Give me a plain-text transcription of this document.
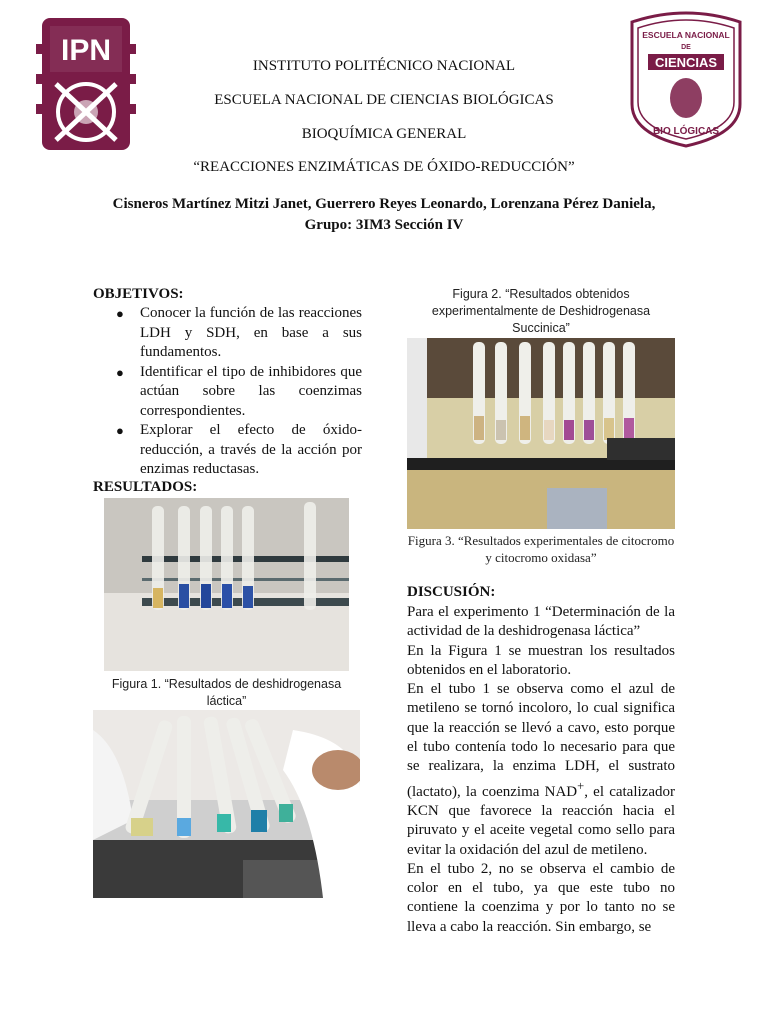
IPN	ESCUELA NACIONAL
DE
CIENCIAS
BIO LÓGICAS
INSTITUTO POLITÉCNICO NACIONAL
ESCUELA NACIONAL DE CIENCIAS BIOLÓGICAS
BIOQUÍMICA GENERAL
“REACCIONES ENZIMÁTICAS DE ÓXIDO-REDUCCIÓN”
Cisneros Martínez Mitzi Janet, Guerrero Reyes Leonardo, Lorenzana Pérez Daniela,
Grupo: 3IM3 Sección IV
OBJETIVOS:
●	Conocer la función de las reacciones LDH y SDH, en base a sus fundamentos.
●	Identificar el tipo de inhibidores que actúan sobre las coenzimas correspondientes.
●	Explorar el efecto de óxido-reducción, a través de la acción por enzimas reductasas.
RESULTADOS:
Figura 1. “Resultados de deshidrogenasa láctica”
Figura 2. “Resultados obtenidos experimentalmente de Deshidrogenasa Succinica”
Figura 3. “Resultados experimentales de citocromo y citocromo oxidasa”
DISCUSIÓN:

Para el experimento 1 “Determinación de la actividad de la deshidrogenasa láctica”

En la Figura 1 se muestran los resultados obtenidos en el laboratorio.

En el tubo 1 se observa como el azul de metileno se tornó incoloro, lo cual significa que la reacción se llevó a cavo, esto porque el tubo contenía todo lo necesario para que se realizara, la enzima LDH, el sustrato (lactato), la coenzima NAD+, el catalizador KCN que favorece la reacción hacia el piruvato y el aceite vegetal como sello para evitar la oxidación del azul de metileno.

En el tubo 2, no se observa el cambio de color en el tubo, ya que este tubo no contiene la coenzima y por lo tanto no se lleva a cabo la reacción. Sin embargo, se
